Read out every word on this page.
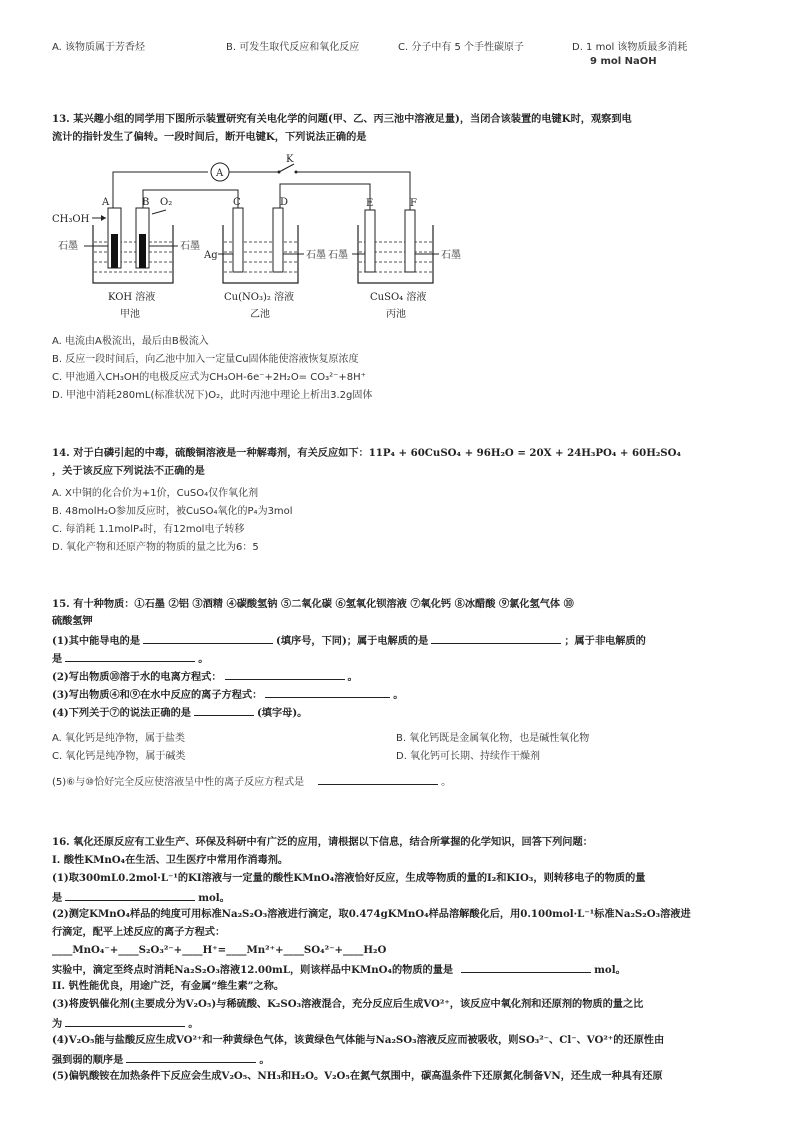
A. 该物质属于芳香烃	B. 可发生取代反应和氧化反应	C. 分子中有 5 个手性碳原子	D. 1 mol 该物质最多消耗
9 mol NaOH
13. 某兴趣小组的同学用下图所示装置研究有关电化学的问题(甲、乙、丙三池中溶液足量)，当闭合该装置的电键K时，观察到电
流计的指针发生了偏转。一段时间后，断开电键K，下列说法正确的是
A
K
A	B O₂
CH₃OH
石墨	石墨
KOH 溶液
甲池
C	D
Ag	石墨
Cu(NO₃)₂ 溶液
乙池
E	F
石墨	石墨
CuSO₄ 溶液
丙池
A. 电流由A极流出，最后由B极流入
B. 反应一段时间后，向乙池中加入一定量Cu固体能使溶液恢复原浓度
C. 甲池通入CH₃OH的电极反应式为CH₃OH-6e⁻+2H₂O= CO₃²⁻+8H⁺
D. 甲池中消耗280mL(标准状况下)O₂，此时丙池中理论上析出3.2g固体
14. 对于白磷引起的中毒，硫酸铜溶液是一种解毒剂，有关反应如下：11P₄ + 60CuSO₄ + 96H₂O = 20X + 24H₃PO₄ + 60H₂SO₄
，关于该反应下列说法不正确的是
A. X中铜的化合价为+1价，CuSO₄仅作氧化剂
B. 48molH₂O参加反应时，被CuSO₄氧化的P₄为3mol
C. 每消耗 1.1molP₄时，有12mol电子转移
D. 氧化产物和还原产物的物质的量之比为6：5
15. 有十种物质：①石墨 ②铝 ③酒精 ④碳酸氢钠 ⑤二氧化碳 ⑥氢氧化钡溶液 ⑦氧化钙 ⑧冰醋酸 ⑨氯化氢气体 ⑩
硫酸氢钾
(1)其中能导电的是	(填序号，下同)；属于电解质的是	；属于非电解质的
是	。
(2)写出物质⑩溶于水的电离方程式：	。
(3)写出物质④和⑨在水中反应的离子方程式：	。
(4)下列关于⑦的说法正确的是	(填字母)。
A. 氧化钙是纯净物，属于盐类	B. 氧化钙既是金属氧化物，也是碱性氧化物
C. 氧化钙是纯净物，属于碱类	D. 氧化钙可长期、持续作干燥剂
(5)⑥与⑩恰好完全反应使溶液呈中性的离子反应方程式是	。
16. 氧化还原反应有工业生产、环保及科研中有广泛的应用，请根据以下信息，结合所掌握的化学知识，回答下列问题：
I. 酸性KMnO₄在生活、卫生医疗中常用作消毒剂。
(1)取300mL0.2mol·L⁻¹的KI溶液与一定量的酸性KMnO₄溶液恰好反应，生成等物质的量的I₂和KIO₃，则转移电子的物质的量
是	mol。
(2)测定KMnO₄样品的纯度可用标准Na₂S₂O₃溶液进行滴定，取0.474gKMnO₄样品溶解酸化后，用0.100mol·L⁻¹标准Na₂S₂O₃溶液进
行滴定，配平上述反应的离子方程式：
____MnO₄⁻+____S₂O₃²⁻+____H⁺=____Mn²⁺+____SO₄²⁻+____H₂O
实验中，滴定至终点时消耗Na₂S₂O₃溶液12.00mL，则该样品中KMnO₄的物质的量是	mol。
II. 钒性能优良，用途广泛，有金属“维生素”之称。
(3)将废钒催化剂(主要成分为V₂O₅)与稀硫酸、K₂SO₃溶液混合，充分反应后生成VO²⁺，该反应中氧化剂和还原剂的物质的量之比
为	。
(4)V₂O₅能与盐酸反应生成VO²⁺和一种黄绿色气体，该黄绿色气体能与Na₂SO₃溶液反应而被吸收，则SO₃²⁻、Cl⁻、VO²⁺的还原性由
强到弱的顺序是	。
(5)偏钒酸铵在加热条件下反应会生成V₂O₅、NH₃和H₂O。V₂O₅在氮气氛围中，碳高温条件下还原氮化制备VN，还生成一种具有还原
